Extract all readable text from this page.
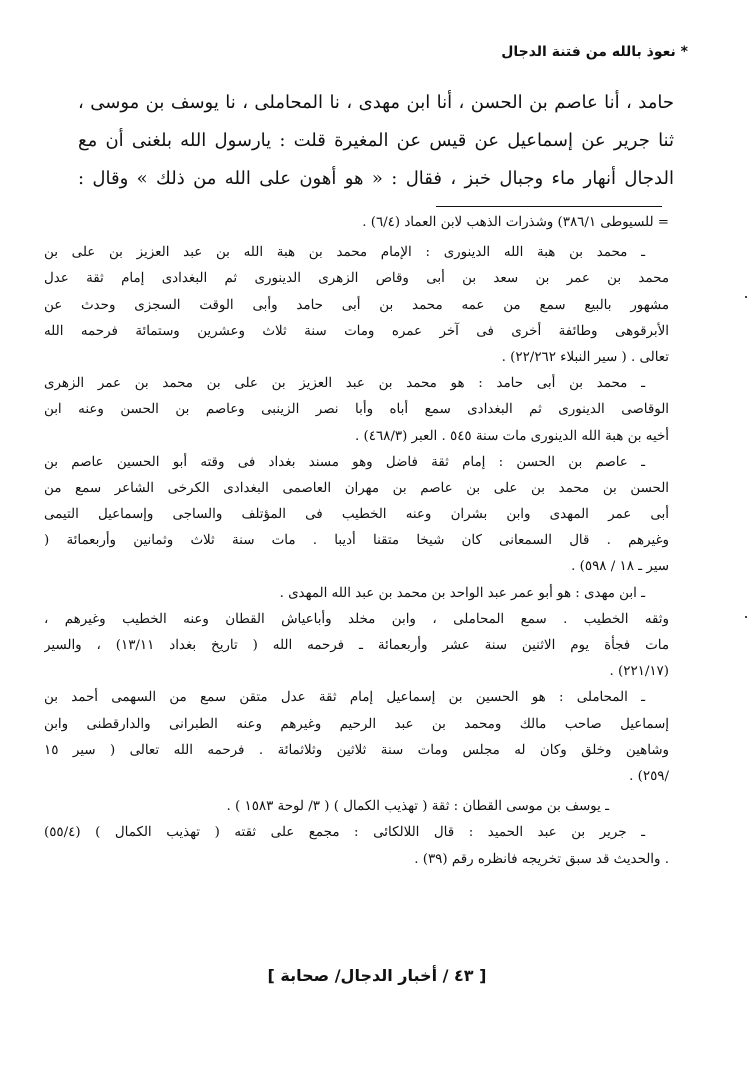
* نعوذ بالله من فتنة الدجال
حامد ، أنا عاصم بن الحسن ، أنا ابن مهدى ، نا المحاملى ، نا يوسف بن موسى ،
ثنا جرير عن إسماعيل عن قيس عن المغيرة قلت : يارسول الله بلغنى أن مع
الدجال أنهار ماء وجبال خبز ، فقال : « هو أهون على الله من ذلك » وقال :
= للسيوطى ٣٨٦/١) وشذرات الذهب لابن العماد (٦/٤) .
ـ محمد بن هبة الله الدينورى : الإمام محمد بن هبة الله بن عبد العزيز بن على بن
محمد بن عمر بن سعد بن أبى وقاص الزهرى الدينورى ثم البغدادى إمام ثقة عدل
مشهور بالبيع سمع من عمه محمد بن أبى حامد وأبى الوقت السجزى وحدث عن
الأبرقوهى وطائفة أخرى فى آخر عمره ومات سنة ثلاث وعشرين وستمائة فرحمه الله
تعالى . ( سير النبلاء ٢٢/٢٦٢) .
ـ محمد بن أبى حامد : هو محمد بن عبد العزيز بن على بن محمد بن عمر الزهرى
الوقاصى الدينورى ثم البغدادى سمع أباه وأبا نصر الزينبى وعاصم بن الحسن وعنه ابن
أخيه بن هبة الله الدينورى مات سنة ٥٤٥ . العبر (٤٦٨/٣) .
ـ عاصم بن الحسن : إمام ثقة فاضل وهو مسند بغداد فى وقته أبو الحسين عاصم بن
الحسن بن محمد بن على بن عاصم بن مهران العاصمى البغدادى الكرخى الشاعر سمع من
أبى عمر المهدى وابن بشران وعنه الخطيب فى المؤتلف والساجى وإسماعيل التيمى
وغيرهم . قال السمعانى كان شيخا متقنا أديبا . مات سنة ثلاث وثمانين وأربعمائة (
سير ـ ١٨ / ٥٩٨) .
ـ ابن مهدى : هو أبو عمر عبد الواحد بن محمد بن عبد الله المهدى .
وثقه الخطيب . سمع المحاملى ، وابن مخلد وأباعياش القطان وعنه الخطيب وغيرهم ،
مات فجأة يوم الاثنين سنة عشر وأربعمائة ـ فرحمه الله ( تاريخ بغداد ١٣/١١) ، والسير
(٢٢١/١٧) .
ـ المحاملى : هو الحسين بن إسماعيل إمام ثقة عدل متقن سمع من السهمى أحمد بن
إسماعيل صاحب مالك ومحمد بن عبد الرحيم وغيرهم وعنه الطبرانى والدارقطنى وابن
وشاهين وخلق وكان له مجلس ومات سنة ثلاثين وثلاثمائة . فرحمه الله تعالى ( سير ١٥
/٢٥٩) .
ـ يوسف بن موسى القطان : ثقة ( تهذيب الكمال ) ( ٣/ لوحة ١٥٨٣ ) .
ـ جرير بن عبد الحميد : قال اللالكائى : مجمع على ثقته ( تهذيب الكمال ) (٥٥/٤)
. والحديث قد سبق تخريجه فانظره رقم (٣٩) .
[ ٤٣ / أخبار الدجال/ صحابة ]
